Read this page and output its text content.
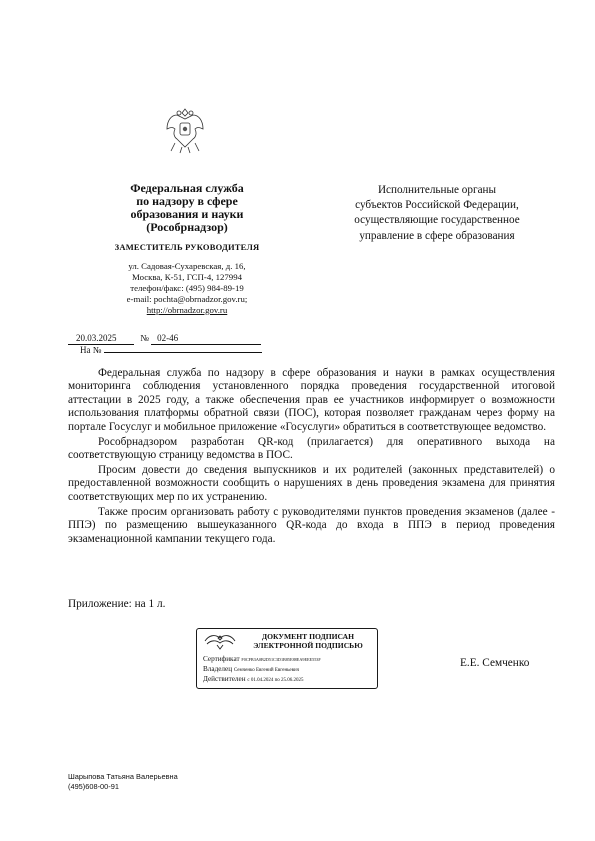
Федеральная служба
по надзору в сфере
образования и науки
(Рособрнадзор)
ЗАМЕСТИТЕЛЬ РУКОВОДИТЕЛЯ
ул. Садовая-Сухаревская, д. 16,
Москва, К-51, ГСП-4, 127994
телефон/факс: (495) 984-89-19
e-mail: pochta@obrnadzor.gov.ru;
http://obrnadzor.gov.ru
Исполнительные органы
субъектов Российской Федерации,
осуществляющие государственное
управление в сфере образования
20.03.2025	№ 02-46
На №

Федеральная служба по надзору в сфере образования и науки в рамках осуществления мониторинга соблюдения установленного порядка проведения государственной итоговой аттестации в 2025 году, а также обеспечения прав ее участников информирует о возможности использования платформы обратной связи (ПОС), которая позволяет гражданам через форму на портале Госуслуг и мобильное приложение «Госуслуги» обратиться в соответствующее ведомство.

Рособрнадзором разработан QR-код (прилагается) для оперативного выхода на соответствующую страницу ведомства в ПОС.

Просим довести до сведения выпускников и их родителей (законных представителей) о предоставленной возможности сообщить о нарушениях в день проведения экзамена для принятия соответствующих мер по их устранению.

Также просим организовать работу с руководителями пунктов проведения экзаменов (далее - ППЭ) по размещению вышеуказанного QR-кода до входа в ППЭ в период проведения экзаменационной кампании текущего года.

Приложение: на 1 л.
ДОКУМЕНТ ПОДПИСАН
ЭЛЕКТРОННОЙ ПОДПИСЬЮ
Сертификат F0CFB3A0B2D51C3D1B85E88EA9EEE553F
Владелец Семченко Евгений Евгеньевич
Действителен с 01.04.2024 по 25.06.2025
Е.Е. Семченко
Шарыпова Татьяна Валерьевна
(495)608-00-91
